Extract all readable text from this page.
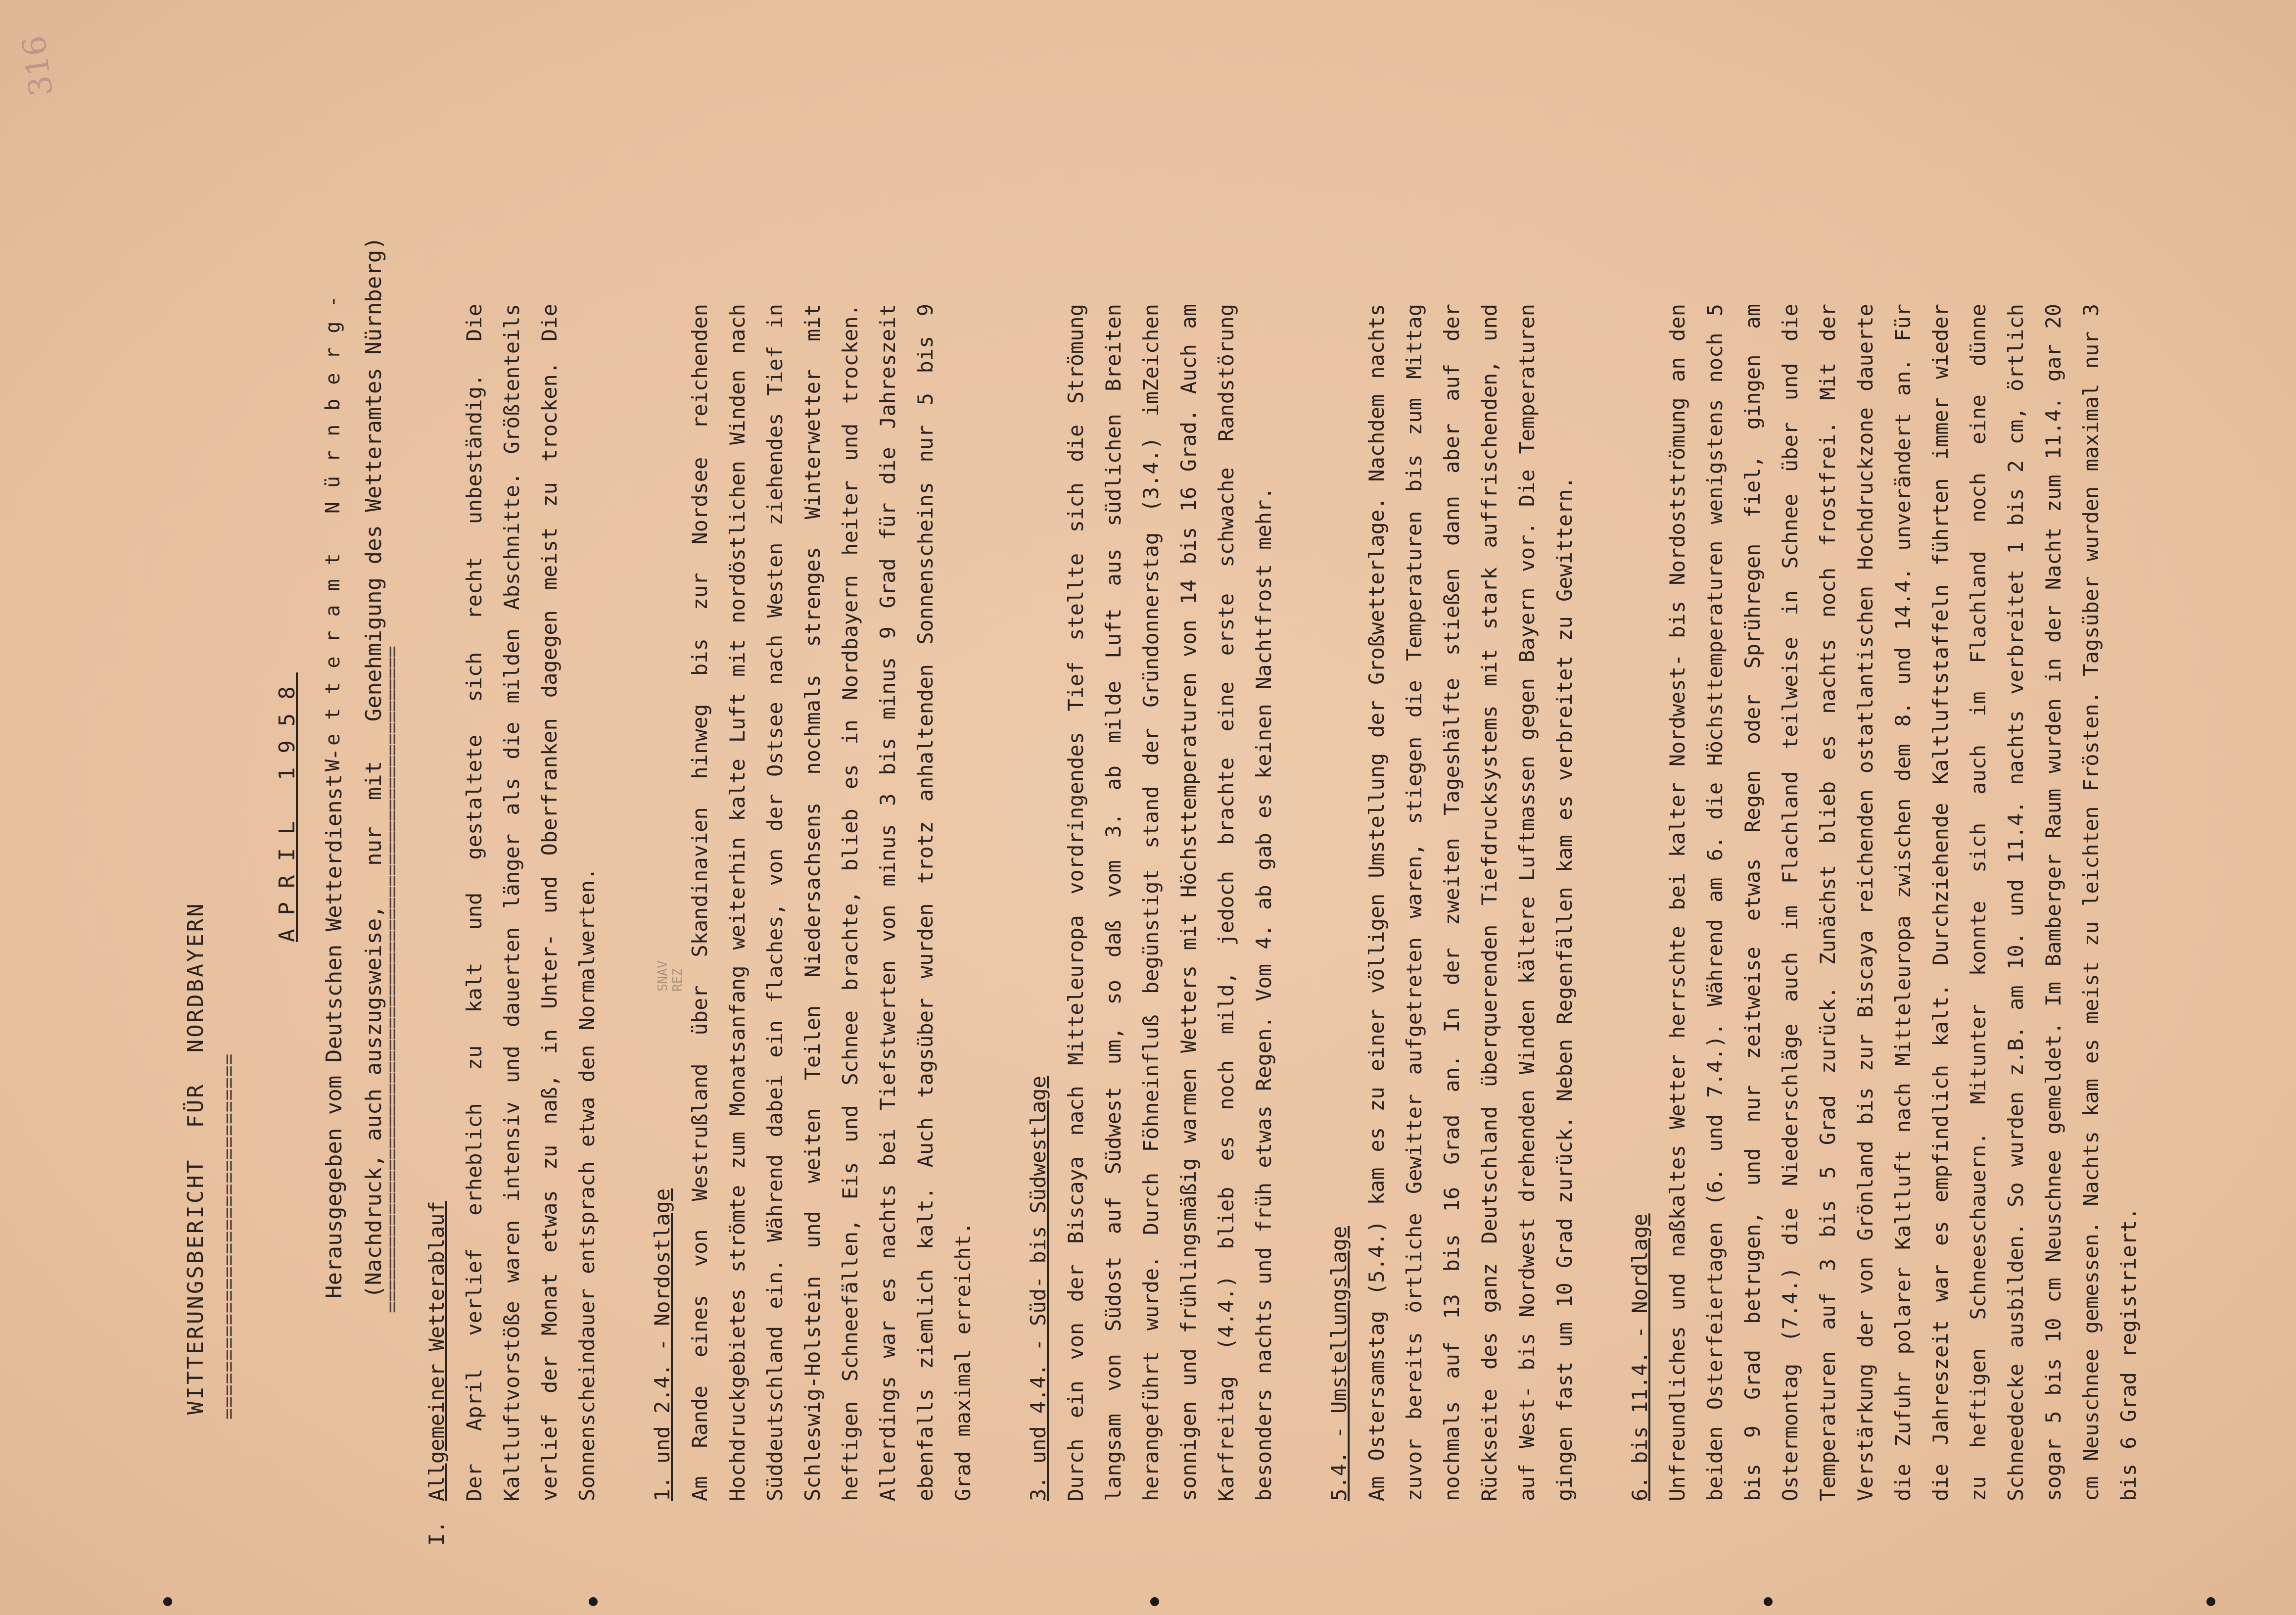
316
WITTERUNGSBERICHT  FÜR  NORDBAYERN ===============================
APRIL 1958 Herausgegeben vom Deutschen Wetterdienst -
Wetteramt Nürnberg- (Nachdruck, auch auszugsweise,   nur  mit   Genehmigung des Wetteramtes Nürnberg)
=============================================================	SNAV
REZ
I.
Allgemeiner Wetterablauf Der April verlief erheblich zu kalt und gestaltete sich recht unbeständig. Die Kaltluftvorstöße waren intensiv und dauerten länger als die milden Abschnitte. Größtenteils verlief der Monat etwas zu naß, in Unter- und Oberfranken dagegen meist zu trocken. Die Sonnenscheindauer entsprach etwa den Normalwerten.	1. und 2.4. - Nordostlage Am Rande eines von Westrußland über Skandinavien hinweg bis zur Nordsee reichenden Hochdruckgebietes strömte zum Monatsanfang weiterhin kalte Luft mit nordöstlichen Winden nach Süddeutschland ein. Während dabei ein flaches, von der Ostsee nach Westen ziehendes Tief in Schleswig-Holstein und weiten Teilen Niedersachsens nochmals strenges Winterwetter mit heftigen Schneefällen, Eis und Schnee brachte, blieb es in Nordbayern heiter und trocken. Allerdings war es nachts bei Tiefstwerten von minus 3 bis minus 9 Grad für die Jahreszeit ebenfalls ziemlich kalt. Auch tagsüber wurden trotz anhaltenden Sonnenscheins nur 5 bis 9 Grad maximal erreicht.	3. und 4.4. - Süd- bis Südwestlage Durch ein von der Biscaya nach Mitteleuropa vordringendes Tief stellte sich die Strömung langsam von Südost auf Südwest um, so daß vom 3. ab milde Luft aus südlichen Breiten herangeführt wurde. Durch Föhneinfluß begünstigt stand der Gründonnerstag (3.4.) imZeichen sonnigen und frühlingsmäßig warmen Wetters mit Höchsttemperaturen von 14 bis 16 Grad. Auch am Karfreitag (4.4.) blieb es noch mild, jedoch brachte eine erste schwache Randstörung besonders nachts und früh etwas Regen. Vom 4. ab gab es keinen Nachtfrost mehr.	5.4. - Umstellungslage Am Ostersamstag (5.4.) kam es zu einer völligen Umstellung der Großwetterlage. Nachdem nachts zuvor bereits örtliche Gewitter aufgetreten waren, stiegen die Temperaturen bis zum Mittag nochmals auf 13 bis 16 Grad an. In der zweiten Tageshälfte stießen dann aber auf der Rückseite des ganz Deutschland überquerenden Tiefdrucksystems mit stark auffrischenden, und auf West- bis Nordwest drehenden Winden kältere Luftmassen gegen Bayern vor. Die Temperaturen gingen fast um 10 Grad zurück. Neben Regenfällen kam es verbreitet zu Gewittern.	6. bis 11.4. - Nordlage Unfreundliches und naßkaltes Wetter herrschte bei kalter Nordwest- bis Nordostströmung an den beiden Osterfeiertagen (6. und 7.4.). Während am 6. die Höchsttemperaturen wenigstens noch 5 bis 9 Grad betrugen, und nur zeitweise etwas Regen oder Sprühregen fiel, gingen am Ostermontag (7.4.) die Niederschläge auch im Flachland teilweise in Schnee über und die Temperaturen auf 3 bis 5 Grad zurück. Zunächst blieb es nachts noch frostfrei. Mit der Verstärkung der von Grönland bis zur Biscaya reichenden ostatlantischen Hochdruckzone dauerte die Zufuhr polarer Kaltluft nach Mitteleuropa zwischen dem 8. und 14.4. unverändert an. Für die Jahreszeit war es empfindlich kalt. Durchziehende Kaltluftstaffeln führten immer wieder zu heftigen Schneeschauern. Mitunter konnte sich auch im Flachland noch eine dünne Schneedecke ausbilden. So wurden z.B. am 10. und 11.4. nachts verbreitet 1 bis 2 cm, örtlich sogar 5 bis 10 cm Neuschnee gemeldet. Im Bamberger Raum wurden in der Nacht zum 11.4. gar 20 cm Neuschnee gemessen. Nachts kam es meist zu leichten Frösten. Tagsüber wurden maximal nur 3 bis 6 Grad registriert.
